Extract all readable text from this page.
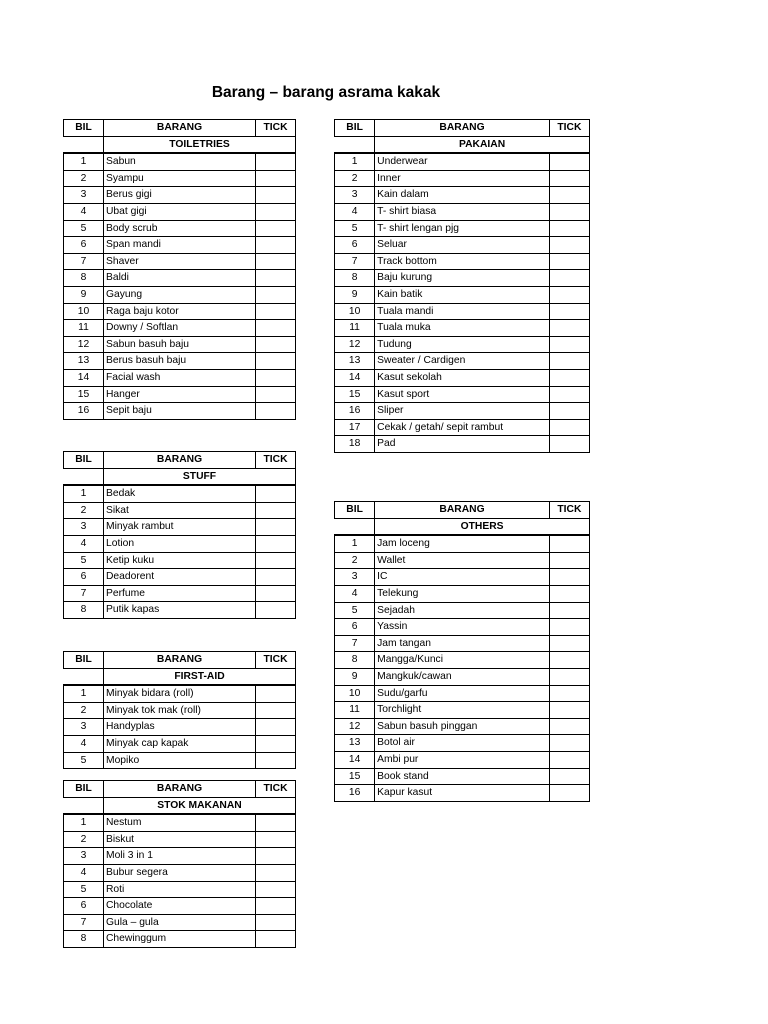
Barang – barang asrama kakak
BIL	BARANG	TICK
	TOILETRIES	
1	Sabun	
2	Syampu	
3	Berus gigi	
4	Ubat gigi	
5	Body scrub	
6	Span mandi	
7	Shaver	
8	Baldi	
9	Gayung	
10	Raga baju kotor	
11	Downy / Softlan	
12	Sabun basuh baju	
13	Berus basuh baju	
14	Facial wash	
15	Hanger	
16	Sepit baju	
BIL	BARANG	TICK
	PAKAIAN	
1	Underwear	
2	Inner	
3	Kain dalam	
4	T- shirt biasa	
5	T- shirt lengan pjg	
6	Seluar	
7	Track bottom	
8	Baju kurung	
9	Kain batik	
10	Tuala mandi	
11	Tuala muka	
12	Tudung	
13	Sweater / Cardigen	
14	Kasut sekolah	
15	Kasut sport	
16	Sliper	
17	Cekak / getah/ sepit rambut	
18	Pad	
BIL	BARANG	TICK
	STUFF	
1	Bedak	
2	Sikat	
3	Minyak rambut	
4	Lotion	
5	Ketip kuku	
6	Deadorent	
7	Perfume	
8	Putik kapas	
BIL	BARANG	TICK
	OTHERS	
1	Jam loceng	
2	Wallet	
3	IC	
4	Telekung	
5	Sejadah	
6	Yassin	
7	Jam tangan	
8	Mangga/Kunci	
9	Mangkuk/cawan	
10	Sudu/garfu	
11	Torchlight	
12	Sabun basuh pinggan	
13	Botol air	
14	Ambi pur	
15	Book stand	
16	Kapur kasut	
BIL	BARANG	TICK
	FIRST-AID	
1	Minyak bidara (roll)	
2	Minyak tok mak (roll)	
3	Handyplas	
4	Minyak cap kapak	
5	Mopiko	
BIL	BARANG	TICK
	STOK MAKANAN	
1	Nestum	
2	Biskut	
3	Moli 3 in 1	
4	Bubur segera	
5	Roti	
6	Chocolate	
7	Gula – gula	
8	Chewinggum	
